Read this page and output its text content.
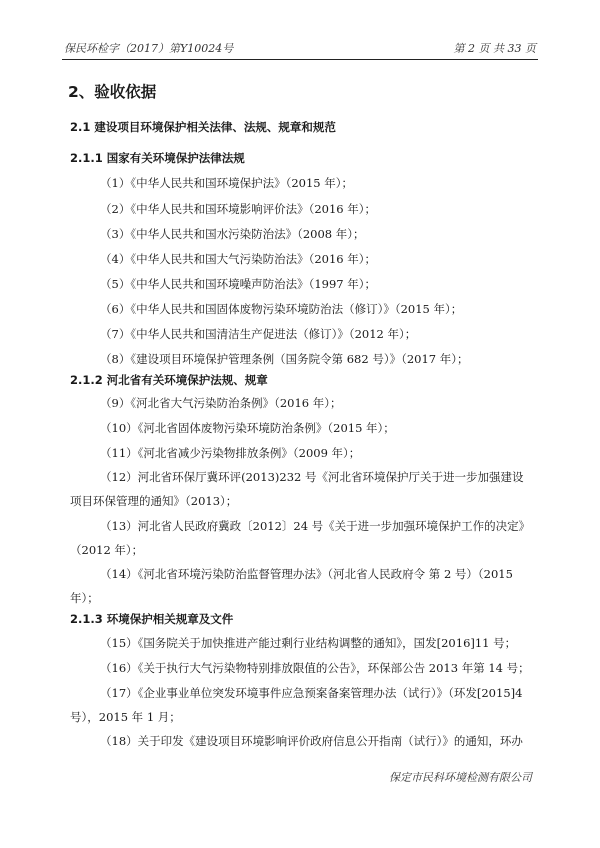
保民环检字（2017）第Y10024号	第 2 页 共 33 页
2、验收依据
2.1 建设项目环境保护相关法律、法规、规章和规范
2.1.1 国家有关环境保护法律法规
（1）《中华人民共和国环境保护法》（2015 年）；
（2）《中华人民共和国环境影响评价法》（2016 年）；
（3）《中华人民共和国水污染防治法》（2008 年）；
（4）《中华人民共和国大气污染防治法》（2016 年）；
（5）《中华人民共和国环境噪声防治法》（1997 年）；
（6）《中华人民共和国固体废物污染环境防治法（修订）》（2015 年）；
（7）《中华人民共和国清洁生产促进法（修订）》（2012 年）；
（8）《建设项目环境保护管理条例（国务院令第 682 号）》（2017 年）；
2.1.2 河北省有关环境保护法规、规章
（9）《河北省大气污染防治条例》（2016 年）；
（10）《河北省固体废物污染环境防治条例》（2015 年）；
（11）《河北省减少污染物排放条例》（2009 年）；
（12）河北省环保厅冀环评(2013)232 号《河北省环境保护厅关于进一步加强建设项目环保管理的通知》（2013）；
（13）河北省人民政府冀政〔2012〕24 号《关于进一步加强环境保护工作的决定》（2012 年）；
（14）《河北省环境污染防治监督管理办法》（河北省人民政府令 第 2 号）（2015 年）；
2.1.3 环境保护相关规章及文件
（15）《国务院关于加快推进产能过剩行业结构调整的通知》，国发[2016]11 号；
（16）《关于执行大气污染物特别排放限值的公告》，环保部公告 2013 年第 14 号；
（17）《企业事业单位突发环境事件应急预案备案管理办法（试行）》（环发[2015]4 号），2015 年 1 月；
（18）关于印发《建设项目环境影响评价政府信息公开指南（试行）》的通知，环办
保定市民科环境检测有限公司
